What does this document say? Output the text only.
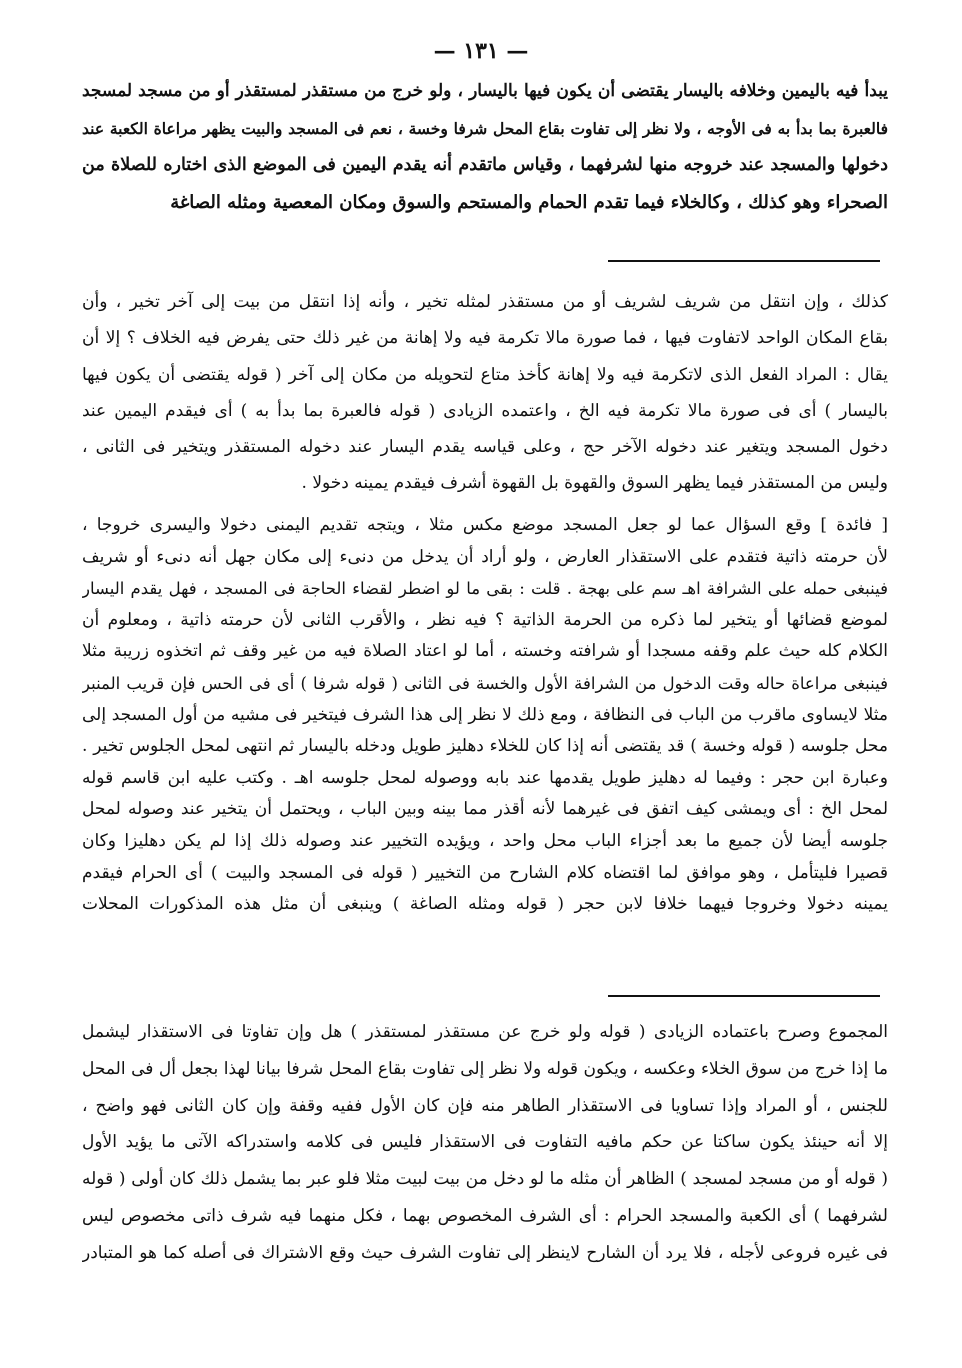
— ١٣١ —
يبدأ فيه باليمين وخلافه باليسار يقتضى أن يكون فيها باليسار ، ولو خرج من مستقذر لمستقذر أو من مسجد لمسجد
فالعبرة بما بدأ به فى الأوجه ، ولا نظر إلى تفاوت بقاع المحل شرفا وخسة ، نعم فى المسجد والبيت يظهر مراعاة الكعبة عند
دخولها والمسجد عند خروجه منها لشرفهما ، وقياس ماتقدم أنه يقدم اليمين فى الموضع الذى اختاره للصلاة من
الصحراء وهو كذلك ، وكالخلاء فيما تقدم الحمام والمستحم والسوق ومكان المعصية ومثله الصاغة
كذلك ، وإن انتقل من شريف لشريف أو من مستقذر لمثله تخير ، وأنه إذا انتقل من بيت إلى آخر تخير ، وأن
بقاع المكان الواحد لاتفاوت فيها ، فما صورة مالا تكرمة فيه ولا إهانة من غير ذلك حتى يفرض فيه الخلاف ؟ إلا أن
يقال : المراد الفعل الذى لاتكرمة فيه ولا إهانة كأخذ متاع لتحويله من مكان إلى آخر ( قوله يقتضى أن يكون فيها
باليسار ) أى فى صورة مالا تكرمة فيه الخ ، واعتمده الزيادى ( قوله فالعبرة بما بدأ به ) أى فيقدم اليمين عند
دخول المسجد ويتغير عند دخوله الآخر حج ، وعلى قياسه يقدم اليسار عند دخوله المستقذر ويتخير فى الثانى ،
وليس من المستقذر فيما يظهر السوق والقهوة بل القهوة أشرف فيقدم يمينه دخولا .
[ فائدة ] وقع السؤال عما لو جعل المسجد موضع مكس مثلا ، ويتجه تقديم اليمنى دخولا واليسرى خروجا ،
لأن حرمته ذاتية فتقدم على الاستقذار العارض ، ولو أراد أن يدخل من دنىء إلى مكان جهل أنه دنىء أو شريف
فينبغى حمله على الشرافة اهـ سم على بهجة . قلت : بقى ما لو اضطر لقضاء الحاجة فى المسجد ، فهل يقدم اليسار
لموضع قضائها أو يتخير لما ذكره من الحرمة الذاتية ؟ فيه نظر ، والأقرب الثانى لأن حرمته ذاتية ، ومعلوم أن
الكلام كله حيث علم وقفه مسجدا أو شرافته وخسته ، أما لو اعتاد الصلاة فيه من غير وقف ثم اتخذوه زريبة مثلا
فينبغى مراعاة حاله وقت الدخول من الشرافة الأول والخسة فى الثانى ( قوله شرفا ) أى فى الحس فإن قريب المنبر
مثلا لايساوى ماقرب من الباب فى النظافة ، ومع ذلك لا نظر إلى هذا الشرف فيتخير فى مشيه من أول المسجد إلى
محل جلوسه ( قوله وخسة ) قد يقتضى أنه إذا كان للخلاء دهليز طويل ودخله باليسار ثم انتهى لمحل الجلوس تخير .
وعبارة ابن حجر : وفيما له دهليز طويل يقدمها عند بابه ووصوله لمحل جلوسه اهـ . وكتب عليه ابن قاسم قوله
لمحل الخ : أى ويمشى كيف اتفق فى غيرهما لأنه أقذر مما بينه وبين الباب ، ويحتمل أن يتخير عند وصوله لمحل
جلوسه أيضا لأن جميع ما بعد أجزاء الباب محل واحد ، ويؤيده التخيير عند وصوله ذلك إذا لم يكن دهليزا وكان
قصيرا فليتأمل ، وهو موافق لما اقتضاه كلام الشارح من التخيير ( قوله فى المسجد والبيت ) أى الحرام فيقدم
يمينه دخولا وخروجا فيهما خلافا لابن حجر ( قوله ومثله الصاغة ) وينبغى أن مثل هذه المذكورات المحلات
المجموع وصرح باعتماده الزيادى ( قوله ولو خرج عن مستقذر لمستقذر ) هل وإن تفاوتا فى الاستقذار ليشمل
ما إذا خرج من سوق الخلاء وعكسه ، ويكون قوله ولا نظر إلى تفاوت بقاع المحل شرفا بيانا لهذا بجعل أل فى المحل
للجنس ، أو المراد وإذا تساويا فى الاستقذار الطاهر منه فإن كان الأول ففيه وقفة وإن كان الثانى فهو واضح ،
إلا أنه حينئذ يكون ساكتا عن حكم مافيه التفاوت فى الاستقذار فليس فى كلامه واستدراكه الآتى ما يؤيد الأول
( قوله أو من مسجد لمسجد ) الظاهر أن مثله ما لو دخل من بيت لبيت مثلا فلو عبر بما يشمل ذلك كان أولى ( قوله
لشرفهما ) أى الكعبة والمسجد الحرام : أى الشرف المخصوص بهما ، فكل منهما فيه شرف ذاتى مخصوص ليس
فى غيره فروعى لأجله ، فلا يرد أن الشارح لاينظر إلى تفاوت الشرف حيث وقع الاشتراك فى أصله كما هو المتبادر
